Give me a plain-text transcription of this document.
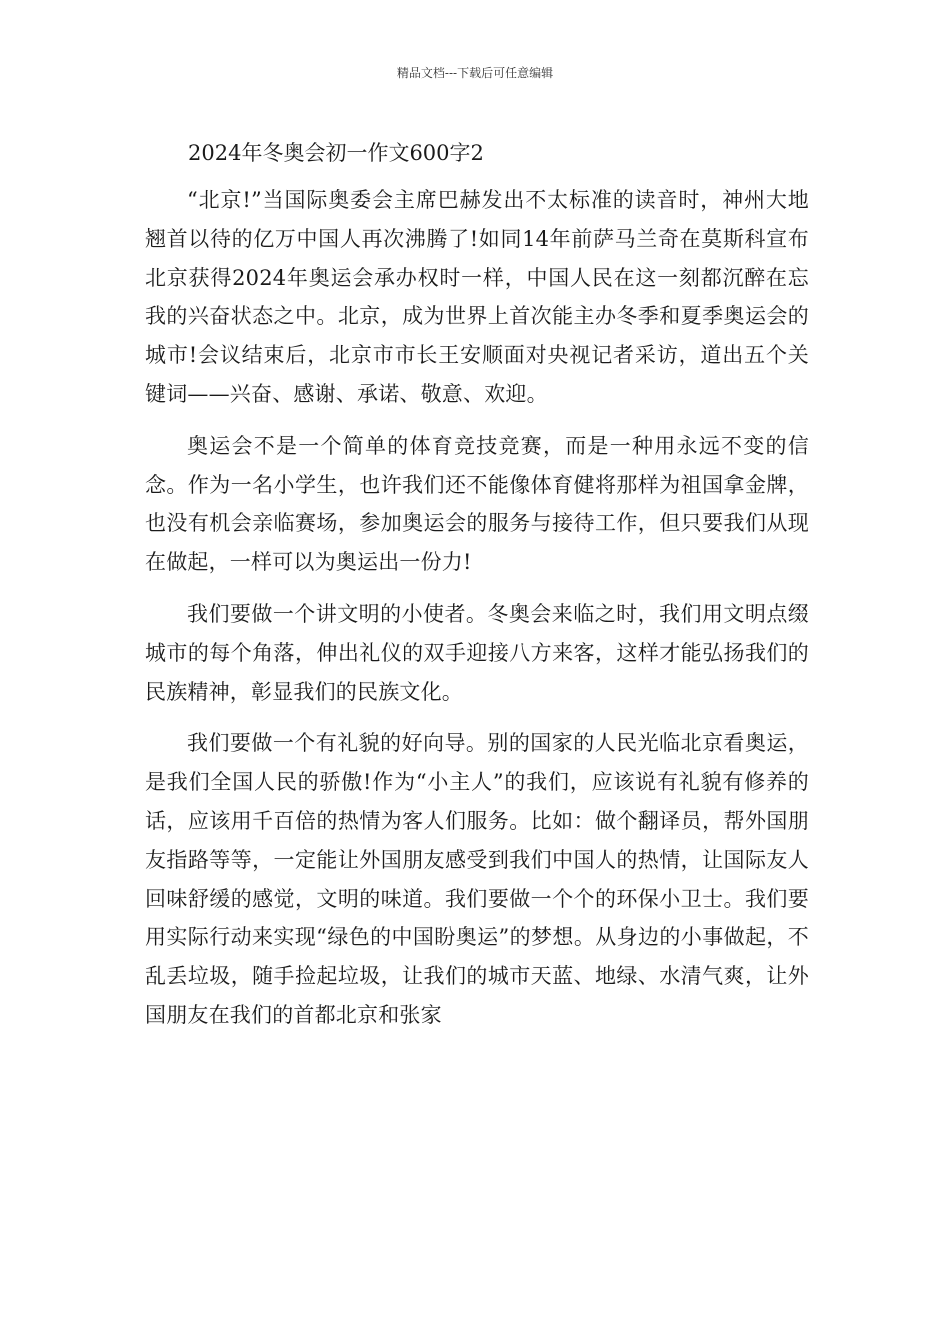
精品文档---下载后可任意编辑
2024年冬奥会初一作文600字2

“北京!”当国际奥委会主席巴赫发出不太标准的读音时，神州大地翘首以待的亿万中国人再次沸腾了!如同14年前萨马兰奇在莫斯科宣布北京获得2024年奥运会承办权时一样，中国人民在这一刻都沉醉在忘我的兴奋状态之中。北京，成为世界上首次能主办冬季和夏季奥运会的城市!会议结束后，北京市市长王安顺面对央视记者采访，道出五个关键词——兴奋、感谢、承诺、敬意、欢迎。

奥运会不是一个简单的体育竞技竞赛，而是一种用永远不变的信念。作为一名小学生，也许我们还不能像体育健将那样为祖国拿金牌，也没有机会亲临赛场，参加奥运会的服务与接待工作，但只要我们从现在做起，一样可以为奥运出一份力!

我们要做一个讲文明的小使者。冬奥会来临之时，我们用文明点缀城市的每个角落，伸出礼仪的双手迎接八方来客，这样才能弘扬我们的民族精神，彰显我们的民族文化。

我们要做一个有礼貌的好向导。别的国家的人民光临北京看奥运，是我们全国人民的骄傲!作为“小主人”的我们，应该说有礼貌有修养的话，应该用千百倍的热情为客人们服务。比如：做个翻译员，帮外国朋友指路等等，一定能让外国朋友感受到我们中国人的热情，让国际友人回味舒缓的感觉，文明的味道。我们要做一个个的环保小卫士。我们要用实际行动来实现“绿色的中国盼奥运”的梦想。从身边的小事做起，不乱丢垃圾，随手捡起垃圾，让我们的城市天蓝、地绿、水清气爽，让外国朋友在我们的首都北京和张家
